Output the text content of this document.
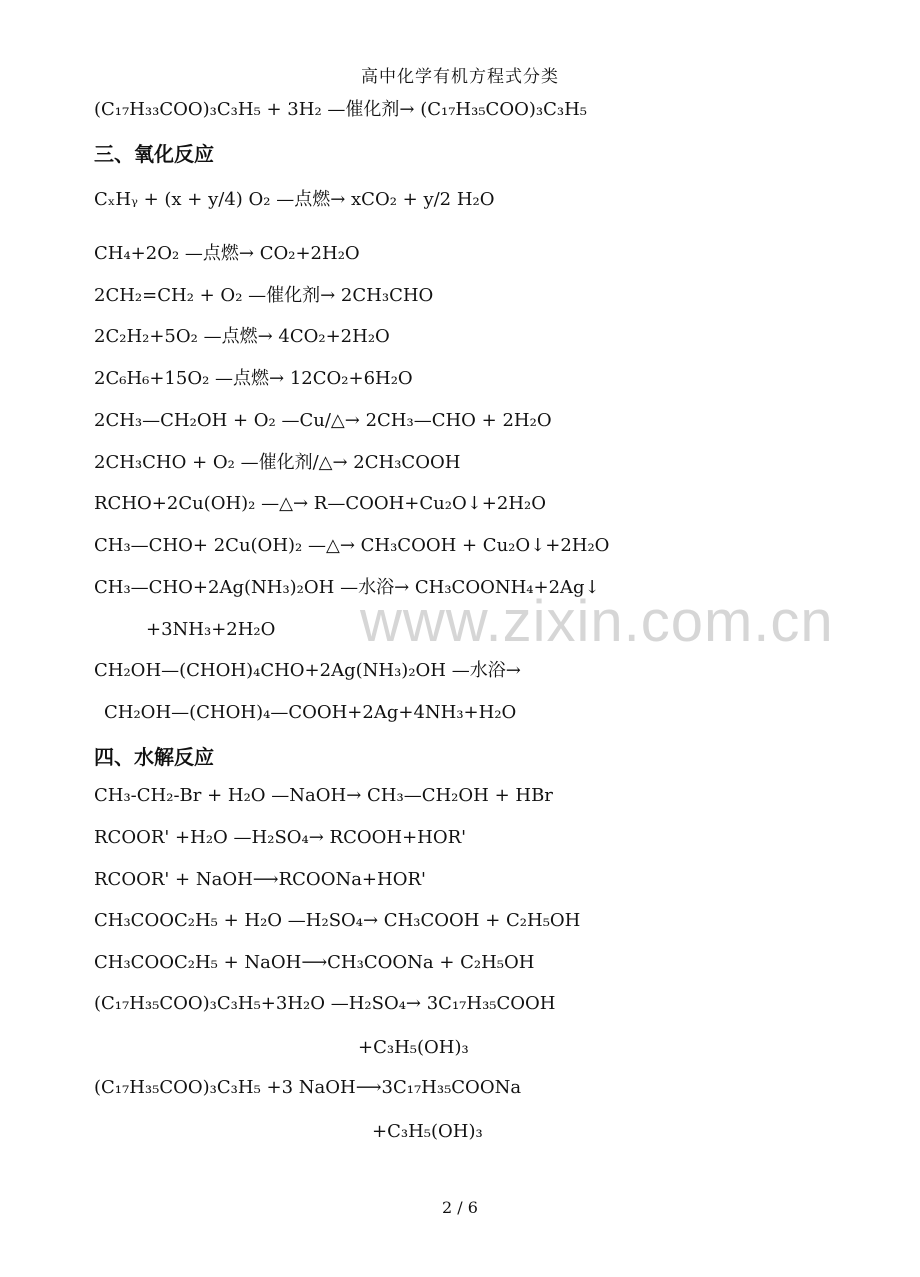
高中化学有机方程式分类
(C₁₇H₃₃COO)₃C₃H₅ + 3H₂ —催化剂→ (C₁₇H₃₅COO)₃C₃H₅
三、氧化反应
CₓHᵧ + (x + y/4) O₂ —点燃→ xCO₂ + y/2 H₂O
CH₄+2O₂ —点燃→ CO₂+2H₂O
2CH₂=CH₂ + O₂ —催化剂→ 2CH₃CHO
2C₂H₂+5O₂ —点燃→ 4CO₂+2H₂O
2C₆H₆+15O₂ —点燃→ 12CO₂+6H₂O
2CH₃—CH₂OH + O₂ —Cu/△→ 2CH₃—CHO + 2H₂O
2CH₃CHO + O₂ —催化剂/△→ 2CH₃COOH
RCHO+2Cu(OH)₂ —△→ R—COOH+Cu₂O↓+2H₂O
CH₃—CHO+ 2Cu(OH)₂ —△→ CH₃COOH + Cu₂O↓+2H₂O
CH₃—CHO+2Ag(NH₃)₂OH —水浴→ CH₃COONH₄+2Ag↓
+3NH₃+2H₂O
CH₂OH—(CHOH)₄CHO+2Ag(NH₃)₂OH —水浴→
CH₂OH—(CHOH)₄—COOH+2Ag+4NH₃+H₂O
四、水解反应
CH₃-CH₂-Br + H₂O —NaOH→ CH₃—CH₂OH + HBr
RCOOR' +H₂O —H₂SO₄→ RCOOH+HOR'
RCOOR' + NaOH⟶RCOONa+HOR'
CH₃COOC₂H₅ + H₂O —H₂SO₄→ CH₃COOH + C₂H₅OH
CH₃COOC₂H₅ + NaOH⟶CH₃COONa + C₂H₅OH
(C₁₇H₃₅COO)₃C₃H₅+3H₂O —H₂SO₄→ 3C₁₇H₃₅COOH
+C₃H₅(OH)₃
(C₁₇H₃₅COO)₃C₃H₅ +3 NaOH⟶3C₁₇H₃₅COONa
+C₃H₅(OH)₃
www.zixin.com.cn
2 / 6
